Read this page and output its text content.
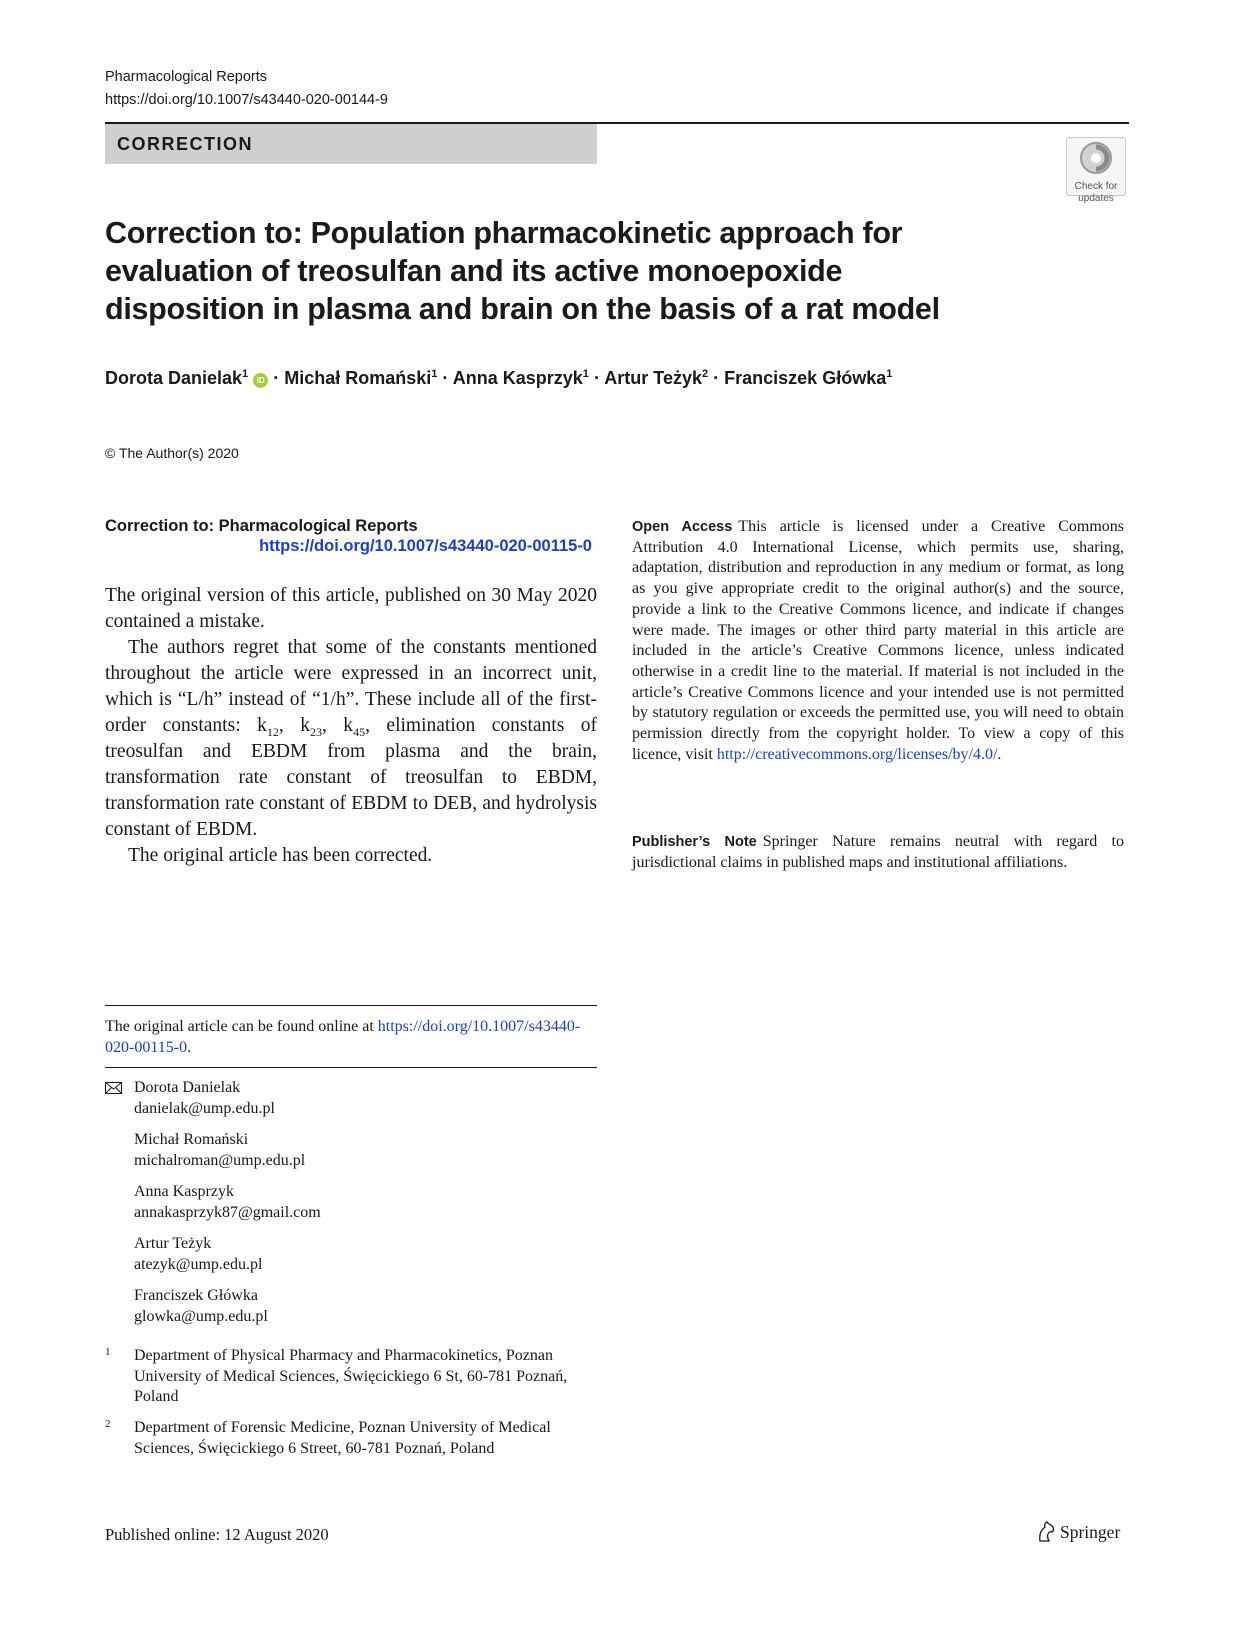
Pharmacological Reports
https://doi.org/10.1007/s43440-020-00144-9
CORRECTION
Check for
updates
Correction to: Population pharmacokinetic approach for evaluation of treosulfan and its active monoepoxide disposition in plasma and brain on the basis of a rat model
Dorota Danielak$^1$ iD · Michał Romański$^1$ · Anna Kasprzyk$^1$ · Artur Teżyk$^2$ · Franciszek Główka$^1$
© The Author(s) 2020
Correction to: Pharmacological Reports
https://doi.org/10.1007/s43440-020-00115-0

The original version of this article, published on 30 May 2020 contained a mistake.

The authors regret that some of the constants mentioned throughout the article were expressed in an incorrect unit, which is “L/h” instead of “1/h”. These include all of the first-order constants: $k_{12}$, $k_{23}$, $k_{45}$, elimination constants of treosulfan and EBDM from plasma and the brain, transformation rate constant of treosulfan to EBDM, transformation rate constant of EBDM to DEB, and hydrolysis constant of EBDM.

The original article has been corrected.

The original article can be found online at https://doi.org/10.1007/s43440-020-00115-0.
Dorota Danielak
danielak@ump.edu.pl
Michał Romański
michalroman@ump.edu.pl
Anna Kasprzyk
annakasprzyk87@gmail.com
Artur Teżyk
atezyk@ump.edu.pl
Franciszek Główka
glowka@ump.edu.pl
1 Department of Physical Pharmacy and Pharmacokinetics, Poznan University of Medical Sciences, Święcickiego 6 St, 60-781 Poznań, Poland
2 Department of Forensic Medicine, Poznan University of Medical Sciences, Święcickiego 6 Street, 60-781 Poznań, Poland
Open Access This article is licensed under a Creative Commons Attribution 4.0 International License, which permits use, sharing, adaptation, distribution and reproduction in any medium or format, as long as you give appropriate credit to the original author(s) and the source, provide a link to the Creative Commons licence, and indicate if changes were made. The images or other third party material in this article are included in the article’s Creative Commons licence, unless indicated otherwise in a credit line to the material. If material is not included in the article’s Creative Commons licence and your intended use is not permitted by statutory regulation or exceeds the permitted use, you will need to obtain permission directly from the copyright holder. To view a copy of this licence, visit http://creativecommons.org/licenses/by/4.0/.
Publisher’s Note Springer Nature remains neutral with regard to jurisdictional claims in published maps and institutional affiliations.
Published online: 12 August 2020	Springer
